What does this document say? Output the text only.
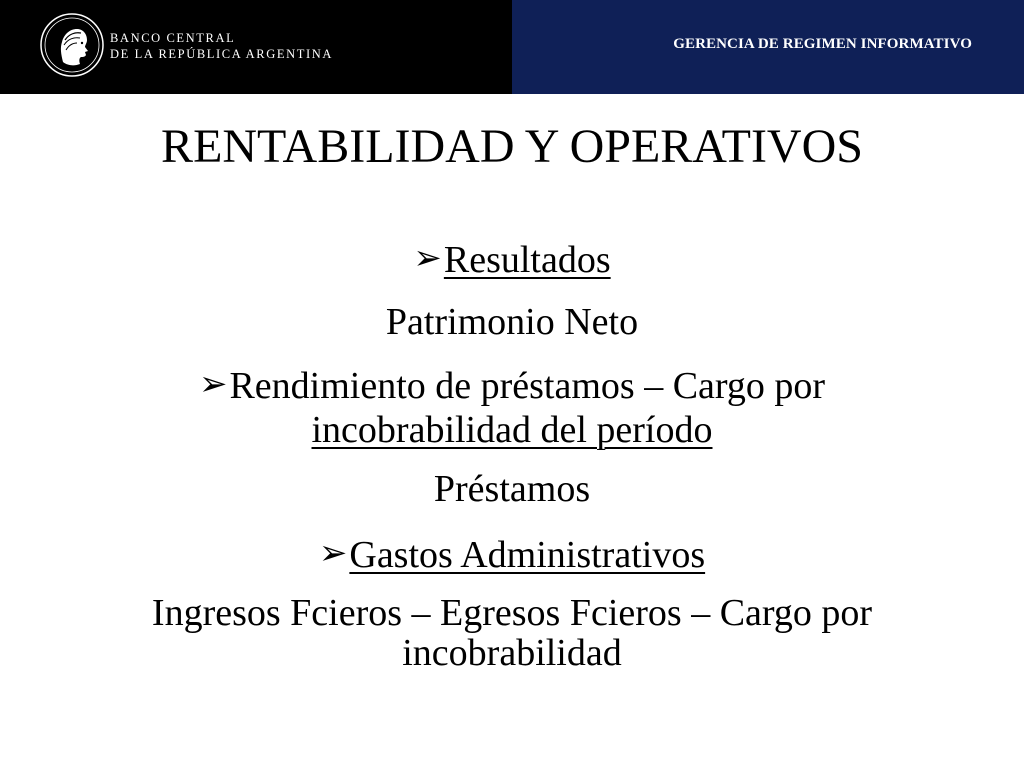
BANCO CENTRAL
DE LA REPÚBLICA ARGENTINA
GERENCIA DE REGIMEN INFORMATIVO
RENTABILIDAD Y OPERATIVOS
➢Resultados
Patrimonio Neto
➢Rendimiento de préstamos – Cargo por
incobrabilidad del período
Préstamos
➢Gastos Administrativos
Ingresos Fcieros – Egresos Fcieros – Cargo por
incobrabilidad
